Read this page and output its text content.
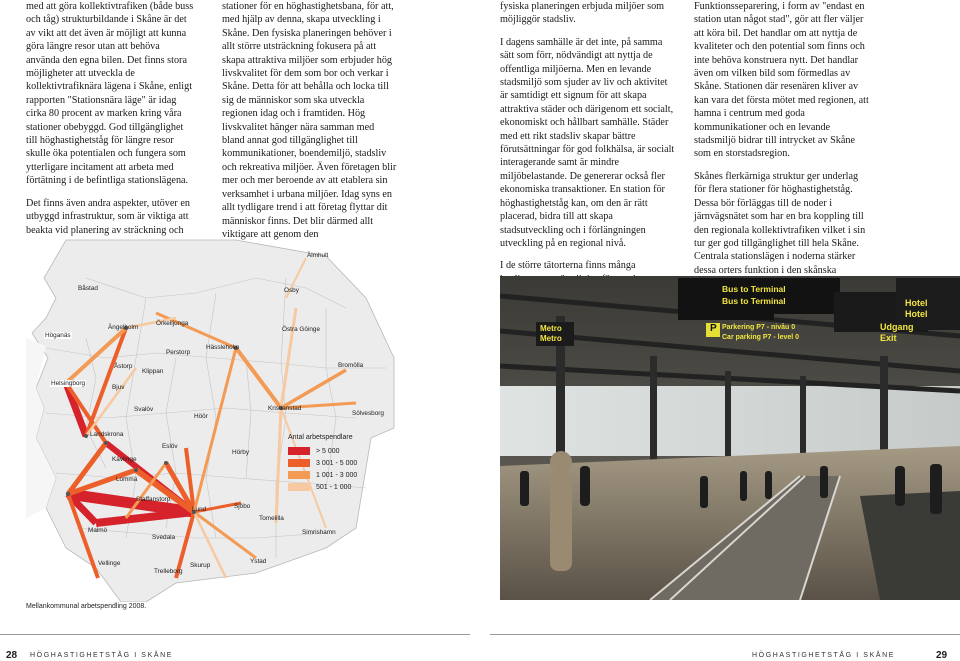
med att göra kollektivtrafiken (både buss och tåg) strukturbildande i Skåne är det av vikt att det även är möjligt att kunna göra längre resor utan att behöva använda den egna bilen. Det finns stora möjligheter att utveckla de kollektivtrafiknära lägena i Skåne, enligt rapporten "Stationsnära läge" är idag cirka 80 procent av marken kring våra stationer obebyggd. God tillgänglighet till höghastighetståg för längre resor skulle öka potentialen och fungera som ytterligare incitament att arbeta med förtätning i de befintliga stationslägena.

Det finns även andra aspekter, utöver en utbyggd infrastruktur, som är viktiga att beakta vid planering av sträckning och

stationer för en höghastighetsbana, för att, med hjälp av denna, skapa utveckling i Skåne. Den fysiska planeringen behöver i allt större utsträckning fokusera på att skapa attraktiva miljöer som erbjuder hög livskvalitet för dem som bor och verkar i Skåne. Detta för att behålla och locka till sig de människor som ska utveckla regionen idag och i framtiden. Hög livskvalitet hänger nära samman med bland annat god tillgänglighet till kommunikationer, boendemiljö, stadsliv och rekreativa miljöer. Även företagen blir mer och mer beroende av att etablera sin verksamhet i urbana miljöer. Idag syns en allt tydligare trend i att företag flyttar dit människor finns. Det blir därmed allt viktigare att genom den

fysiska planeringen erbjuda miljöer som möjliggör stadsliv.

I dagens samhälle är det inte, på samma sätt som förr, nödvändigt att nyttja de offentliga miljöerna. Men en levande stadsmiljö som sjuder av liv och aktivitet är samtidigt ett signum för att skapa attraktiva städer och därigenom ett socialt, ekonomiskt och hållbart samhälle. Städer med ett rikt stadsliv skapar bättre förutsättningar för god folkhälsa, är socialt interagerande samt är mindre miljöbelastande. De genererar också fler ekonomiska transaktioner. En station för höghastighetståg kan, om den är rätt placerad, bidra till att skapa stadsutveckling och i förlängningen utveckling på en regional nivå.

I de större tätorterna finns många

Funktionsseparering, i form av "endast en station utan något stad", gör att fler väljer att köra bil. Det handlar om att nyttja de kvaliteter och den potential som finns och inte behöva konstruera nytt. Det handlar även om vilken bild som förmedlas av Skåne. Stationen där resenären kliver av kan vara det första mötet med regionen, att hamna i centrum med goda kommunikationer och en levande stadsmiljö bidrar till intrycket av Skåne som en storstadsregion.

Skånes flerkärniga struktur ger underlag för flera stationer för höghastighetståg. Dessa bör förläggas till de noder i järnvägsnätet som har en bra koppling till den regionala kollektivtrafiken vilket i sin tur ger god tillgänglighet till hela Skåne. Centrala stationslägen i noderna stärker dessa orters funktion i den skånska

Älmhult
Båstad	Osby
Höganäs
Ängelholm
Örkelljunga
Östra Göinge
Perstorp
Hässleholm
Åstorp
Klippan
Bromölla
Helsingborg
Bjuv
Svalöv
Höör
Kristianstad
Sölvesborg
Landskrona
Eslöv
Hörby
Kävlinge
Lomma
Staffanstorp
Lund	Sjöbo
Tomelilla
Malmö
Svedala
Simrishamn
Vellinge	Skurup
Ystad
Trelleborg
Antal arbetspendlare
> 5 000
3 001 - 5 000
1 001 - 3 000
501 - 1 000
Mellankommunal arbetspendling 2008.
Bus to Terminal
Bus to Terminal
P Parkering P7 - nivåu 0
Car parking P7 - level 0
Metro
Metro
Hotel
Hotel
Udgang
Exit
28 HÖGHASTIGHETSTÅG I SKÅNE	HÖGHASTIGHETSTÅG I SKÅNE	29
